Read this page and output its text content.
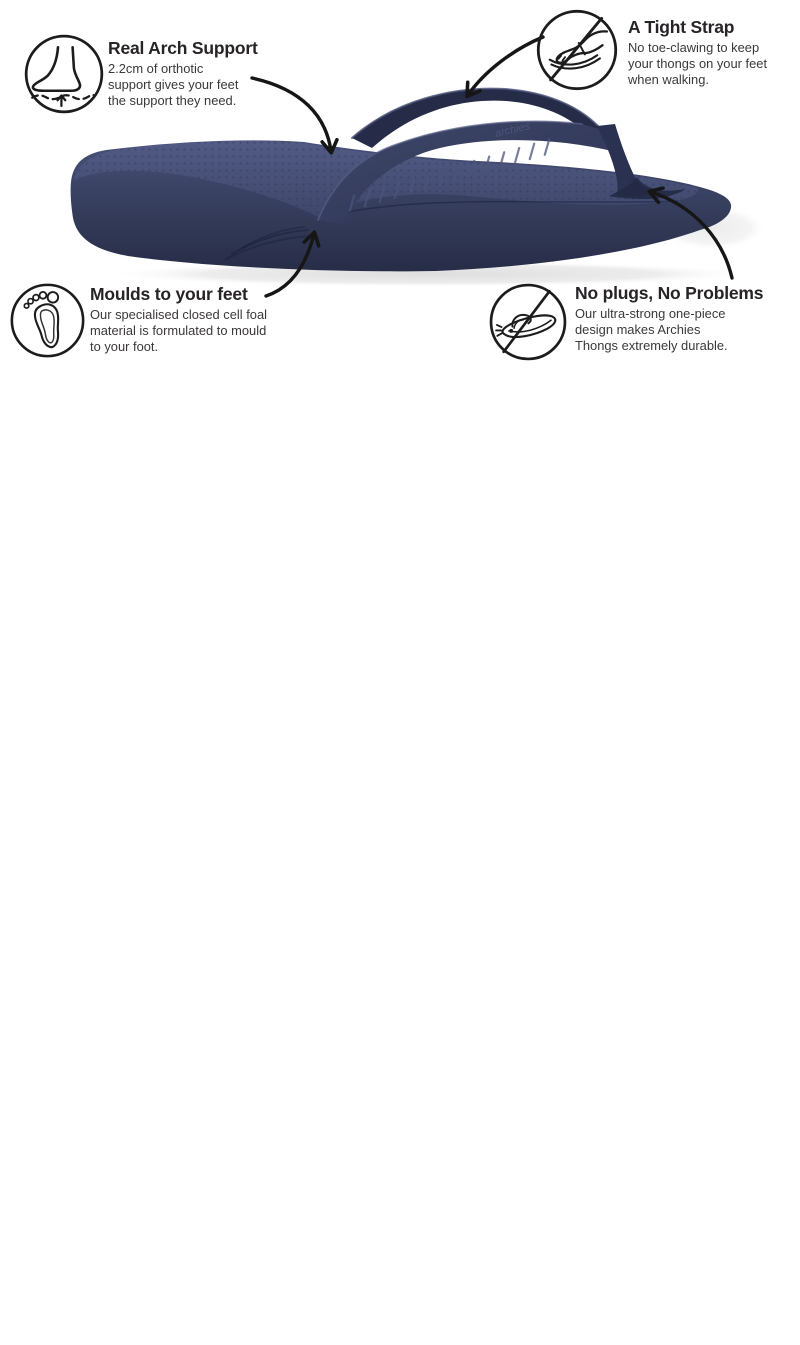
archies
Real Arch Support
2.2cm of orthotic
support gives your feet
the support they need.
A Tight Strap
No toe-clawing to keep
your thongs on your feet
when walking.
Moulds to your feet
Our specialised closed cell foal
material is formulated to mould
to your foot.
No plugs, No Problems
Our ultra-strong one-piece
design makes Archies
Thongs extremely durable.
